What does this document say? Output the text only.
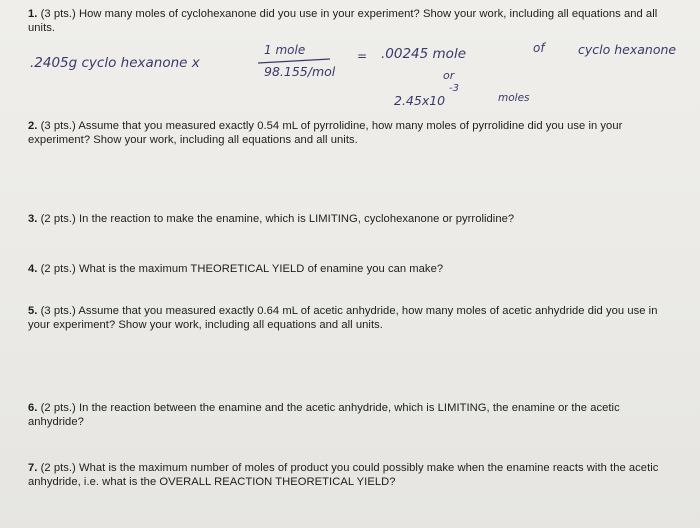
1. (3 pts.) How many moles of cyclohexanone did you use in your experiment? Show your work, including all equations and all units.
.2405g cyclo hexanone x
1 mole
98.155/mol
= .00245 mole	of	cyclo hexanone
or
-3
2.45x10	moles
2. (3 pts.) Assume that you measured exactly 0.54 mL of pyrrolidine, how many moles of pyrrolidine did you use in your experiment? Show your work, including all equations and all units.
3. (2 pts.) In the reaction to make the enamine, which is LIMITING, cyclohexanone or pyrrolidine?
4. (2 pts.) What is the maximum THEORETICAL YIELD of enamine you can make?
5. (3 pts.) Assume that you measured exactly 0.64 mL of acetic anhydride, how many moles of acetic anhydride did you use in your experiment? Show your work, including all equations and all units.
6. (2 pts.) In the reaction between the enamine and the acetic anhydride, which is LIMITING, the enamine or the acetic anhydride?
7. (2 pts.) What is the maximum number of moles of product you could possibly make when the enamine reacts with the acetic anhydride, i.e. what is the OVERALL REACTION THEORETICAL YIELD?
